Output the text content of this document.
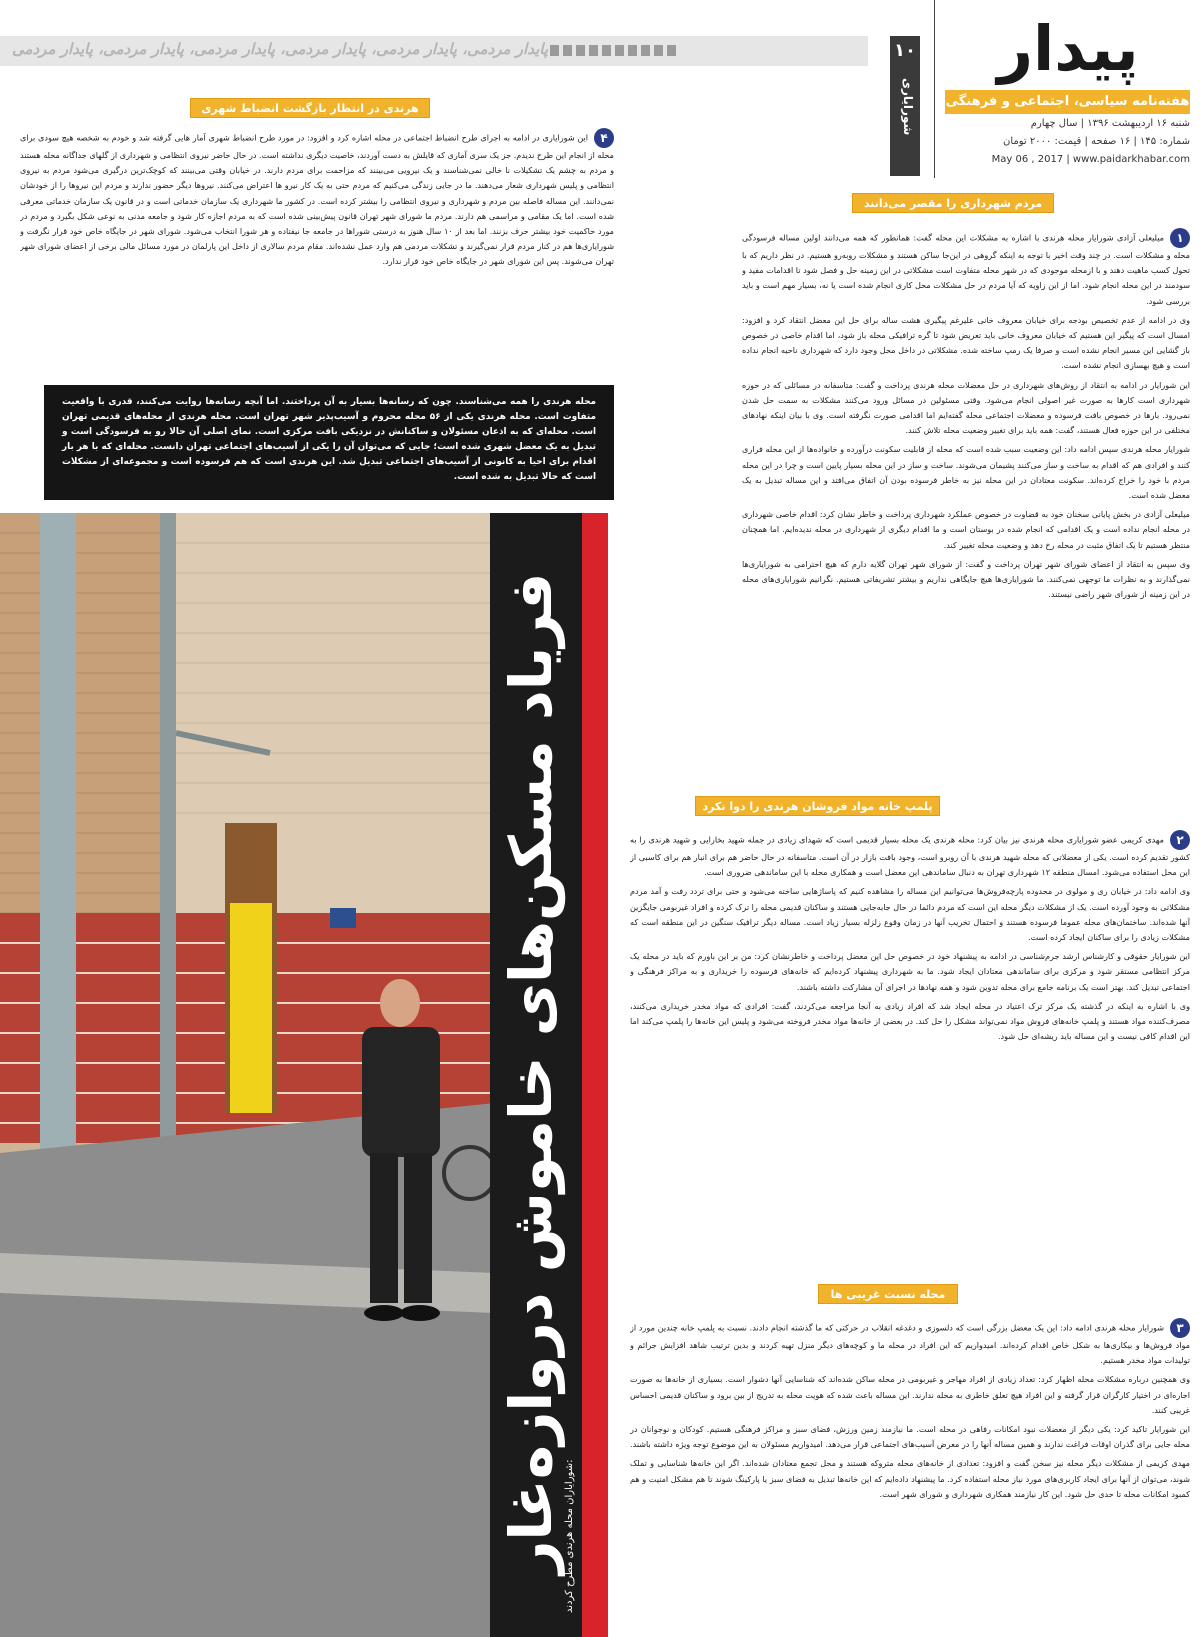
پایدار مردمی، پایدار مردمی، پایدار مردمی، پایدار مردمی، پایدار مردمی، پایدار مردمی	۱۰
شورایاری
پیدار
هفته‌نامه سیاسی، اجتماعی و فرهنگی
شنبه ۱۶ اردیبهشت ۱۳۹۶ | سال چهارم
شماره: ۱۴۵ | ۱۶ صفحه | قیمت: ۲۰۰۰ تومان
May 06 , 2017 | www.paidarkhabar.com
هرندی در انتظار بازگشت انضباط شهری

۴این شورایاری در ادامه به اجرای طرح انضباط اجتماعی در محله اشاره کرد و افزود: در مورد طرح انضباط شهری آمار هایی گرفته شد و خودم به شخصه هیچ سودی برای محله از انجام این طرح ندیدم. جز یک سری آماری که قایلش به دست آوردند، خاصیت دیگری نداشته است. در حال حاضر نیروی انتظامی و شهرداری از گلهای جداگانه محله هستند و مردم به چشم یک تشکیلات نا خالی نمی‌شناسند و یک نیرویی می‌بینند که مزاحمت برای مردم دارند. در خیابان وقتی می‌بینند که کوچک‌ترین درگیری می‌شود مردم به نیروی انتظامی و پلیس شهرداری شعار می‌دهند. ما در جایی زندگی می‌کنیم که مردم حتی به یک کار نیرو ها اعتراض می‌کنند. نیروها دیگر حضور ندارند و مردم این نیروها را از خودشان نمی‌دانند. این مساله فاصله بین مردم و شهرداری و نیروی انتظامی را بیشتر کرده است. در کشور ما شهرداری یک سازمان خدماتی است و در قانون یک سازمان خدماتی معرفی شده است. اما یک مقامی و مراسمی هم دارند. مردم ما شورای شهر تهران قانون پیش‌بینی شده است که به مردم اجازه کار شود و جامعه مدنی به نوعی شکل بگیرد و مردم در مورد حاکمیت خود بیشتر حرف بزنند. اما بعد از ۱۰ سال هنوز به درستی شوراها در جامعه جا نیفتاده و هر شورا انتخاب می‌شود. شورای شهر در جایگاه خاص خود قرار نگرفت و شورایاری‌ها هم در کنار مردم قرار نمی‌گیرند و تشکلات مردمی هم وارد عمل نشده‌اند. مقام مردم سالاری از داخل این پارلمان در مورد مسائل مالی برخی از اعضای شورای شهر تهران می‌شوند. پس این شورای شهر در جایگاه خاص خود قرار ندارد.

محله هرندی را همه می‌شناسند. چون که رسانه‌ها بسیار به آن پرداختند. اما آنچه رسانه‌ها روایت می‌کنند، قدری با واقعیت متفاوت است. محله هرندی یکی از ۵۶ محله محروم و آسیب‌پذیر شهر تهران است. محله هرندی از محله‌های قدیمی تهران است. محله‌ای که به اذعان مسئولان و ساکنانش در نزدیکی بافت مرکزی است. نمای اصلی آن حالا رو به فرسودگی است و تبدیل به یک معضل شهری شده است؛ جایی که می‌توان آن را یکی از آسیب‌های اجتماعی تهران دانست. محله‌ای که با هر بار اقدام برای احیا به کانونی از آسیب‌های اجتماعی تبدیل شد. این هرندی است که هم فرسوده است و مجموعه‌ای از مشکلات است که حالا تبدیل به شده است.
فریاد مسکن‌های خاموش دروازه‌غار شورایاران محله هرندی مطرح کردند:
مردم شهرداری را مقصر می‌دانند

۱میلیعلی آزادی شورایار محله هرندی با اشاره به مشکلات این محله گفت: همانطور که همه می‌دانند اولین مساله فرسودگی محله و مشکلات است. در چند وقت اخیر با توجه به اینکه گروهی در این‌جا ساکن هستند و مشکلات روبه‌رو هستیم. در نظر داریم که با تحول کسب ماهیت دهند و با ازمحله موجودی که در شهر محله متفاوت است مشکلاتی در این زمینه حل و فصل شود تا اقدامات مفید و سودمند در این محله انجام شود. اما از این زاویه که آیا مردم در حل مشکلات محل کاری انجام شده است یا نه، بسیار مهم است و باید بررسی شود.

وی در ادامه از عدم تخصیص بودجه برای خیابان معروف خانی علیرغم پیگیری هشت ساله برای حل این معضل انتقاد کرد و افزود: امسال است که پیگیر این هستیم که خیابان معروف خانی باید تعریض شود تا گره ترافیکی محله باز شود، اما اقدام خاصی در خصوص باز گشایی این مسیر انجام نشده است و صرفا یک رمپ ساخته شده. مشکلاتی در داخل محل وجود دارد که شهرداری ناحیه انجام نداده است و هیچ بهسازی انجام نشده است.

این شورایار در ادامه به انتقاد از روش‌های شهرداری در حل معضلات محله هرندی پرداخت و گفت: متاسفانه در مسائلی که در حوزه شهرداری است کارها به صورت غیر اصولی انجام می‌شود. وقتی مسئولین در مسائل ورود می‌کنند مشکلات به سمت حل شدن نمی‌رود. بارها در خصوص بافت فرسوده و معضلات اجتماعی محله گفته‌ایم اما اقدامی صورت نگرفته است. وی با بیان اینکه نهاد‌های مختلفی در این حوزه فعال هستند، گفت: همه باید برای تغییر وضعیت محله تلاش کنند.

شورایار محله هرندی سپس ادامه داد: این وضعیت سبب شده است که محله از قابلیت سکونت درآورده و خانواده‌ها از این محله فراری کنند و افرادی هم که اقدام به ساخت و ساز می‌کنند پشیمان می‌شوند. ساخت و ساز در این محله بسیار پایین است و چرا در این محله مردم با خود را خراج کرده‌اند. سکونت معتادان در این محله نیز به خاطر فرسوده بودن آن اتفاق می‌افتد و این مساله تبدیل به یک معضل شده است.

میلیعلی آزادی در بخش پایانی سخنان خود به قضاوت در خصوص عملکرد شهرداری پرداخت و خاطر نشان کرد: اقدام خاصی شهرداری در محله انجام نداده است و یک اقدامی که انجام شده در بوستان است و ما اقدام دیگری از شهرداری در محله ندیده‌ایم. اما همچنان منتظر هستیم تا یک اتفاق مثبت در محله رخ دهد و وضعیت محله تغییر کند.

وی سپس به انتقاد از اعضای شورای شهر تهران پرداخت و گفت: از شورای شهر تهران گلایه دارم که هیچ احترامی به شورایاری‌ها نمی‌گذارند و به نظرات ما توجهی نمی‌کنند. ما شورایاری‌ها هیچ جایگاهی نداریم و بیشتر تشریفاتی هستیم. نگرانیم شورایاری‌های محله در این زمینه از شورای شهر راضی نیستند.

پلمپ خانه مواد فروشان هرندی را دوا نکرد

۲مهدی کریمی عضو شورایاری محله هرندی نیز بیان کرد: محله هرندی یک محله بسیار قدیمی است که شهدای زیادی در جمله شهید بخارایی و شهید هرندی را به کشور تقدیم کرده است. یکی از معضلاتی که محله شهید هرندی با آن روبرو است، وجود بافت بازار در آن است. متاسفانه در حال حاضر هم برای انبار هم برای کاسبی از این محل استفاده می‌شود. امسال منطقه ۱۲ شهرداری تهران به دنبال ساماندهی این معضل است و همکاری محله با این ساماندهی ضروری است.

وی ادامه داد: در خیابان ری و مولوی در محدوده پارچه‌فروش‌ها می‌توانیم این مساله را مشاهده کنیم که پاساژهایی ساخته می‌شود و حتی برای تردد رفت و آمد مردم مشکلاتی به وجود آورده است. یک از مشکلات دیگر محله این است که مردم دائما در حال جابه‌جایی هستند و ساکنان قدیمی محله را ترک کرده و افراد غیربومی جایگزین آنها شده‌اند. ساختمان‌های محله عموما فرسوده هستند و احتمال تخریب آنها در زمان وقوع زلزله بسیار زیاد است. مساله دیگر ترافیک سنگین در این منطقه است که مشکلات زیادی را برای ساکنان ایجاد کرده است.

این شورایار حقوقی و کارشناس ارشد جرم‌شناسی در ادامه به پیشنهاد خود در خصوص حل این معضل پرداخت و خاطرنشان کرد: من بر این باورم که باید در محله یک مرکز انتظامی مستقر شود و مرکزی برای ساماندهی معتادان ایجاد شود. ما به شهرداری پیشنهاد کرده‌ایم که خانه‌های فرسوده را خریداری و به مراکز فرهنگی و اجتماعی تبدیل کند. بهتر است یک برنامه جامع برای محله تدوین شود و همه نهادها در اجرای آن مشارکت داشته باشند.

وی با اشاره به اینکه در گذشته یک مرکز ترک اعتیاد در محله ایجاد شد که افراد زیادی به آنجا مراجعه می‌کردند، گفت: افرادی که مواد مخدر خریداری می‌کنند، مصرف‌کننده مواد هستند و پلمپ خانه‌های فروش مواد نمی‌تواند مشکل را حل کند. در بعضی از خانه‌ها مواد مخدر فروخته می‌شود و پلیس این خانه‌ها را پلمپ می‌کند اما این اقدام کافی نیست و این مساله باید ریشه‌ای حل شود.

محله نسبت غریبی ها

۳شورایار محله هرندی ادامه داد: این یک معضل بزرگی است که دلسوزی و دغدغه انقلاب در حرکتی که ما گذشته انجام دادند. نسبت به پلمپ خانه چندین مورد از مواد فروش‌ها و بیکاری‌ها به شکل خاص اقدام کرده‌اند. امیدواریم که این افراد در محله ما و کوچه‌های دیگر منزل تهیه کردند و بدین ترتیب شاهد افزایش جرائم و تولیدات مواد مخدر هستیم.

وی همچنین درباره مشکلات محله اظهار کرد: تعداد زیادی از افراد مهاجر و غیربومی در محله ساکن شده‌اند که شناسایی آنها دشوار است. بسیاری از خانه‌ها به صورت اجاره‌ای در اختیار کارگران قرار گرفته و این افراد هیچ تعلق خاطری به محله ندارند. این مساله باعث شده که هویت محله به تدریج از بین برود و ساکنان قدیمی احساس غریبی کنند.

این شورایار تاکید کرد: یکی دیگر از معضلات نبود امکانات رفاهی در محله است. ما نیازمند زمین ورزش، فضای سبز و مراکز فرهنگی هستیم. کودکان و نوجوانان در محله جایی برای گذران اوقات فراغت ندارند و همین مساله آنها را در معرض آسیب‌های اجتماعی قرار می‌دهد. امیدواریم مسئولان به این موضوع توجه ویژه داشته باشند.

مهدی کریمی از مشکلات دیگر محله نیز سخن گفت و افزود: تعدادی از خانه‌های محله متروکه هستند و محل تجمع معتادان شده‌اند. اگر این خانه‌ها شناسایی و تملک شوند، می‌توان از آنها برای ایجاد کاربری‌های مورد نیاز محله استفاده کرد. ما پیشنهاد داده‌ایم که این خانه‌ها تبدیل به فضای سبز یا پارکینگ شوند تا هم مشکل امنیت و هم کمبود امکانات محله تا حدی حل شود. این کار نیازمند همکاری شهرداری و شورای شهر است.
